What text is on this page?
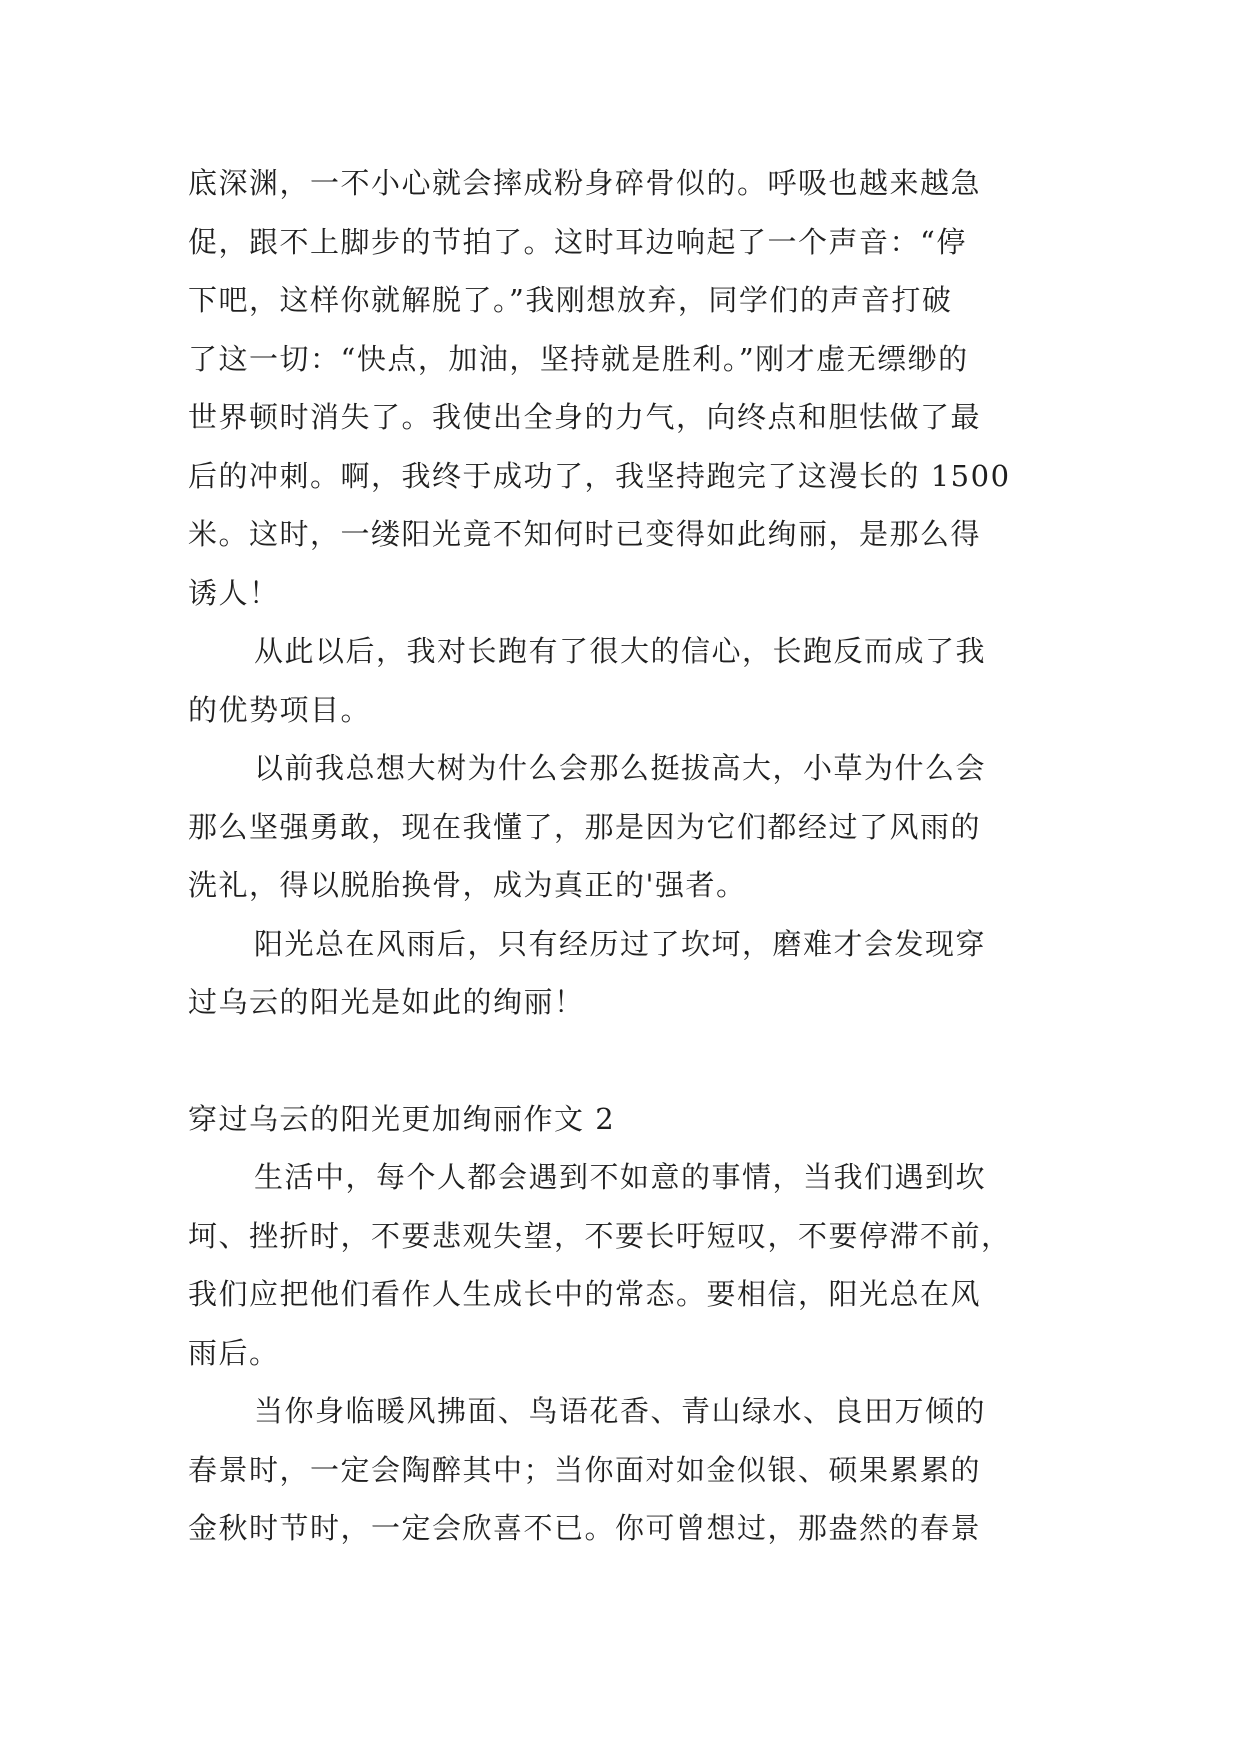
底深渊，一不小心就会摔成粉身碎骨似的。呼吸也越来越急
促，跟不上脚步的节拍了。这时耳边响起了一个声音：“停
下吧，这样你就解脱了。”我刚想放弃，同学们的声音打破
了这一切：“快点，加油，坚持就是胜利。”刚才虚无缥缈的
世界顿时消失了。我使出全身的力气，向终点和胆怯做了最
后的冲刺。啊，我终于成功了，我坚持跑完了这漫长的 1500
米。这时，一缕阳光竟不知何时已变得如此绚丽，是那么得
诱人！
从此以后，我对长跑有了很大的信心，长跑反而成了我
的优势项目。
以前我总想大树为什么会那么挺拔高大，小草为什么会
那么坚强勇敢，现在我懂了，那是因为它们都经过了风雨的
洗礼，得以脱胎换骨，成为真正的'强者。
阳光总在风雨后，只有经历过了坎坷，磨难才会发现穿
过乌云的阳光是如此的绚丽！
穿过乌云的阳光更加绚丽作文 2
生活中，每个人都会遇到不如意的事情，当我们遇到坎
坷、挫折时，不要悲观失望，不要长吁短叹，不要停滞不前，
我们应把他们看作人生成长中的常态。要相信，阳光总在风
雨后。
当你身临暖风拂面、鸟语花香、青山绿水、良田万倾的
春景时，一定会陶醉其中；当你面对如金似银、硕果累累的
金秋时节时，一定会欣喜不已。你可曾想过，那盎然的春景
